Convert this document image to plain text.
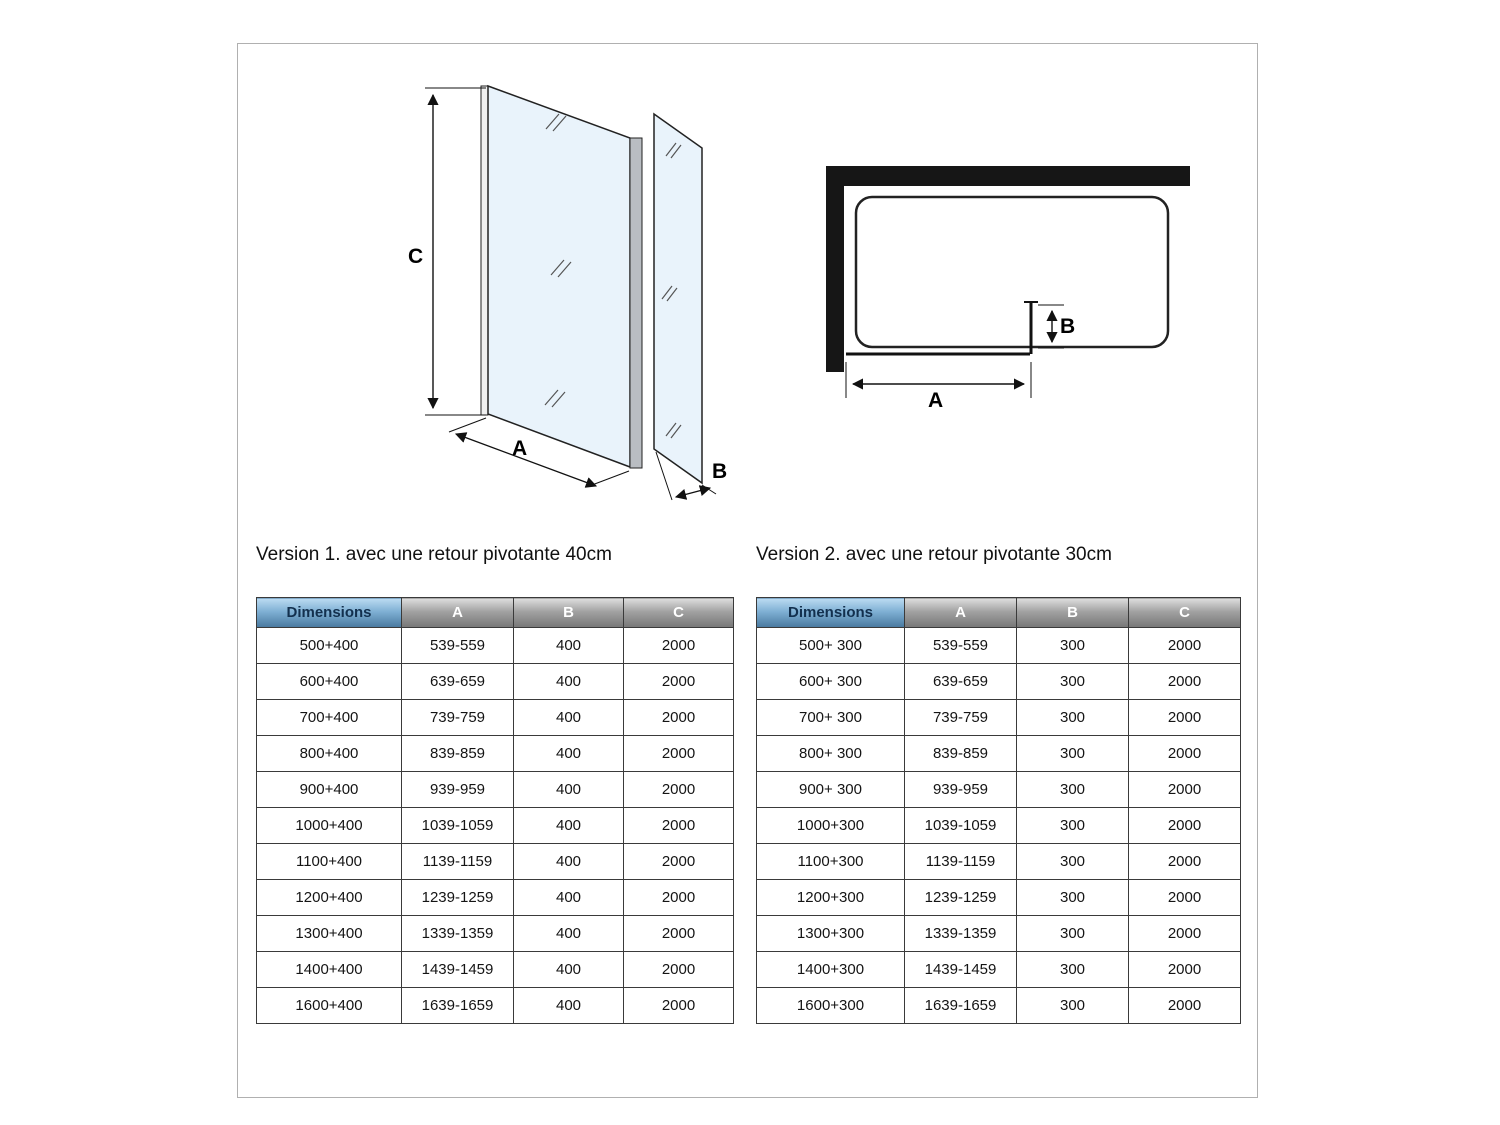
C
A
B
B
A
Version 1. avec une retour pivotante 40cm
Dimensions	A	B	C
500+400	539-559	400	2000
600+400	639-659	400	2000
700+400	739-759	400	2000
800+400	839-859	400	2000
900+400	939-959	400	2000
1000+400	1039-1059	400	2000
1100+400	1139-1159	400	2000
1200+400	1239-1259	400	2000
1300+400	1339-1359	400	2000
1400+400	1439-1459	400	2000
1600+400	1639-1659	400	2000
Version 2. avec une retour pivotante 30cm
Dimensions	A	B	C
500+ 300	539-559	300	2000
600+ 300	639-659	300	2000
700+ 300	739-759	300	2000
800+ 300	839-859	300	2000
900+ 300	939-959	300	2000
1000+300	1039-1059	300	2000
1100+300	1139-1159	300	2000
1200+300	1239-1259	300	2000
1300+300	1339-1359	300	2000
1400+300	1439-1459	300	2000
1600+300	1639-1659	300	2000
